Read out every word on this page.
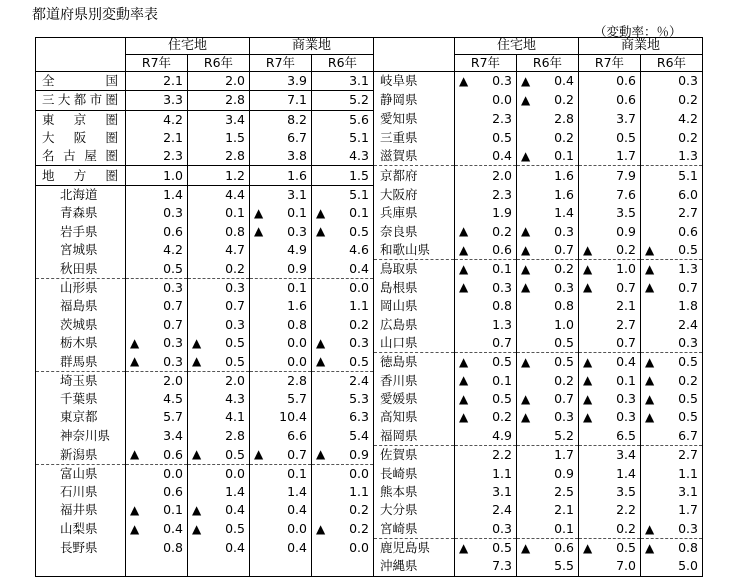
都道府県別変動率表
（変動率：％）
	住宅地		商業地			住宅地		商業地	
	R7年	R6年	R7年	R6年		R7年	R6年	R7年	R6年
全　　国	2.1	2.0	3.9	3.1	岐阜県	▲ 0.3	▲ 0.4	0.6	0.3
三大都市圏	3.3	2.8	7.1	5.2	静岡県	0.0	▲ 0.2	0.6	0.2
東　京　圏	4.2	3.4	8.2	5.6	愛知県	2.3	2.8	3.7	4.2
大　阪　圏	2.1	1.5	6.7	5.1	三重県	0.5	0.2	0.5	0.2
名古屋圏	2.3	2.8	3.8	4.3	滋賀県	0.4	▲ 0.1	1.7	1.3
地　方　圏	1.0	1.2	1.6	1.5	京都府	2.0	1.6	7.9	5.1
北海道	1.4	4.4	3.1	5.1	大阪府	2.3	1.6	7.6	6.0
青森県	0.3	0.1	▲ 0.1	▲ 0.1	兵庫県	1.9	1.4	3.5	2.7
岩手県	0.6	0.8	▲ 0.3	▲ 0.5	奈良県	▲ 0.2	▲ 0.3	0.9	0.6
宮城県	4.2	4.7	4.9	4.6	和歌山県	▲ 0.6	▲ 0.7	▲ 0.2	▲ 0.5
秋田県	0.5	0.2	0.9	0.4	鳥取県	▲ 0.1	▲ 0.2	▲ 1.0	▲ 1.3
山形県	0.3	0.3	0.1	0.0	島根県	▲ 0.3	▲ 0.3	▲ 0.7	▲ 0.7
福島県	0.7	0.7	1.6	1.1	岡山県	0.8	0.8	2.1	1.8
茨城県	0.7	0.3	0.8	0.2	広島県	1.3	1.0	2.7	2.4
栃木県	▲ 0.3	▲ 0.5	0.0	▲ 0.3	山口県	0.7	0.5	0.7	0.3
群馬県	▲ 0.3	▲ 0.5	0.0	▲ 0.5	徳島県	▲ 0.5	▲ 0.5	▲ 0.4	▲ 0.5
埼玉県	2.0	2.0	2.8	2.4	香川県	▲ 0.1	0.2	▲ 0.1	▲ 0.2
千葉県	4.5	4.3	5.7	5.3	愛媛県	▲ 0.5	▲ 0.7	▲ 0.3	▲ 0.5
東京都	5.7	4.1	10.4	6.3	高知県	▲ 0.2	▲ 0.3	▲ 0.3	▲ 0.5
神奈川県	3.4	2.8	6.6	5.4	福岡県	4.9	5.2	6.5	6.7
新潟県	▲ 0.6	▲ 0.5	▲ 0.7	▲ 0.9	佐賀県	2.2	1.7	3.4	2.7
富山県	0.0	0.0	0.1	0.0	長崎県	1.1	0.9	1.4	1.1
石川県	0.6	1.4	1.4	1.1	熊本県	3.1	2.5	3.5	3.1
福井県	▲ 0.1	▲ 0.4	0.4	0.2	大分県	2.4	2.1	2.2	1.7
山梨県	▲ 0.4	▲ 0.5	0.0	▲ 0.2	宮崎県	0.3	0.1	0.2	▲ 0.3
長野県	0.8	0.4	0.4	0.0	鹿児島県	▲ 0.5	▲ 0.6	▲ 0.5	▲ 0.8
					沖縄県	7.3	5.5	7.0	5.0
